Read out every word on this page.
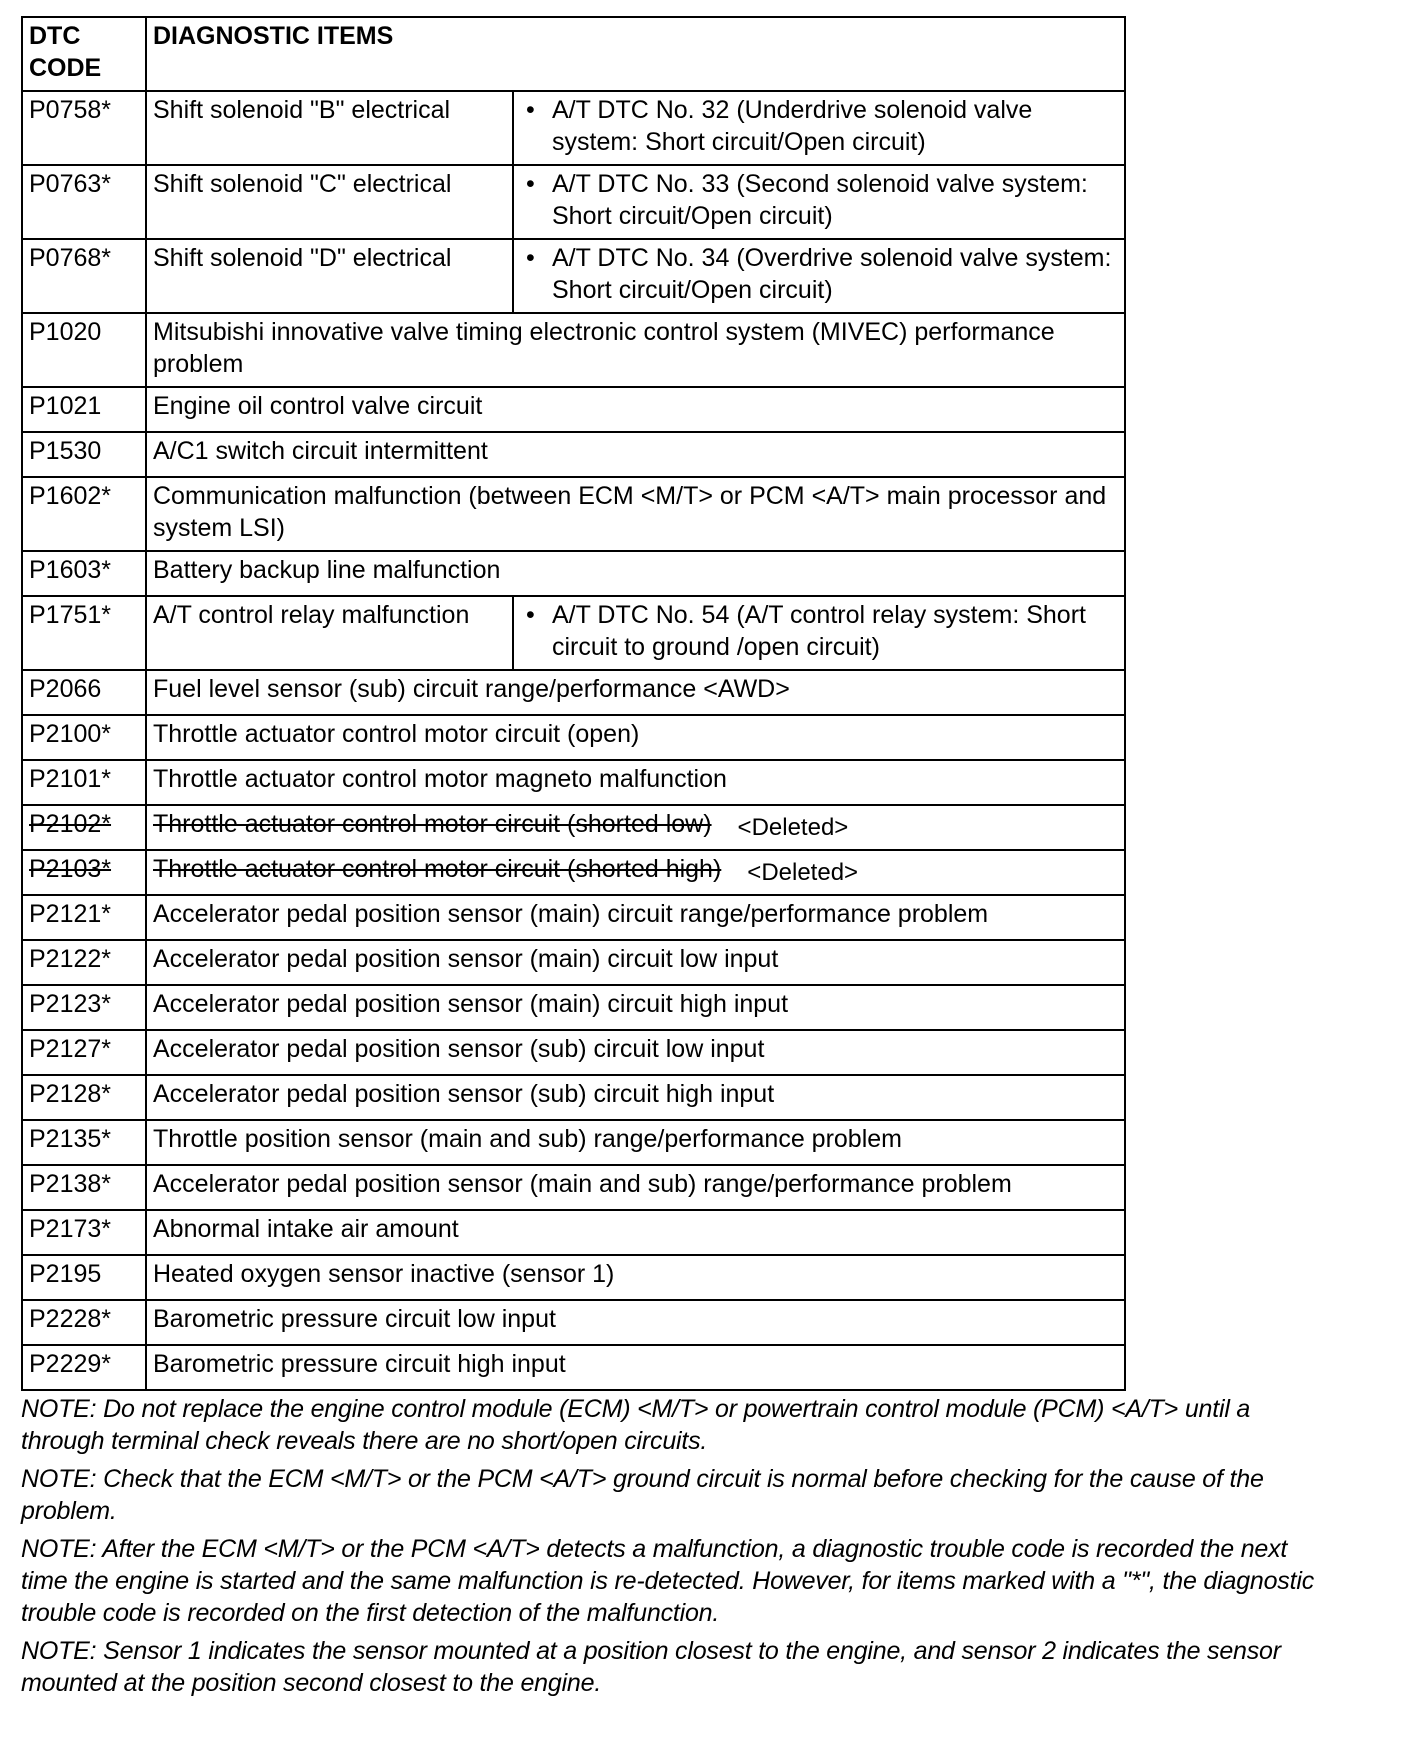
DTC
CODE	DIAGNOSTIC ITEMS	
P0758*	Shift solenoid "B" electrical	• A/T DTC No. 32 (Underdrive solenoid valve system: Short circuit/Open circuit)

P0763*	Shift solenoid "C" electrical	• A/T DTC No. 33 (Second solenoid valve system: Short circuit/Open circuit)

P0768*	Shift solenoid "D" electrical	• A/T DTC No. 34 (Overdrive solenoid valve system: Short circuit/Open circuit)

P1020	Mitsubishi innovative valve timing electronic control system (MIVEC) performance problem	
P1021	Engine oil control valve circuit	
P1530	A/C1 switch circuit intermittent	
P1602*	Communication malfunction (between ECM <M/T> or PCM <A/T> main processor and system LSI)	
P1603*	Battery backup line malfunction	
P1751*	A/T control relay malfunction	• A/T DTC No. 54 (A/T control relay system: Short circuit to ground /open circuit)

P2066	Fuel level sensor (sub) circuit range/performance <AWD>	
P2100*	Throttle actuator control motor circuit (open)	
P2101*	Throttle actuator control motor magneto malfunction	
P2102*	Throttle actuator control motor circuit (shorted low) <Deleted>	
P2103*	Throttle actuator control motor circuit (shorted high) <Deleted>	
P2121*	Accelerator pedal position sensor (main) circuit range/performance problem	
P2122*	Accelerator pedal position sensor (main) circuit low input	
P2123*	Accelerator pedal position sensor (main) circuit high input	
P2127*	Accelerator pedal position sensor (sub) circuit low input	
P2128*	Accelerator pedal position sensor (sub) circuit high input	
P2135*	Throttle position sensor (main and sub) range/performance problem	
P2138*	Accelerator pedal position sensor (main and sub) range/performance problem	
P2173*	Abnormal intake air amount	
P2195	Heated oxygen sensor inactive (sensor 1)	
P2228*	Barometric pressure circuit low input	
P2229*	Barometric pressure circuit high input	

NOTE: Do not replace the engine control module (ECM) <M/T> or powertrain control module (PCM) <A/T> until a through terminal check reveals there are no short/open circuits.

NOTE: Check that the ECM <M/T> or the PCM <A/T> ground circuit is normal before checking for the cause of the problem.

NOTE: After the ECM <M/T> or the PCM <A/T> detects a malfunction, a diagnostic trouble code is recorded the next time the engine is started and the same malfunction is re-detected. However, for items marked with a "*", the diagnostic trouble code is recorded on the first detection of the malfunction.

NOTE: Sensor 1 indicates the sensor mounted at a position closest to the engine, and sensor 2 indicates the sensor mounted at the position second closest to the engine.
